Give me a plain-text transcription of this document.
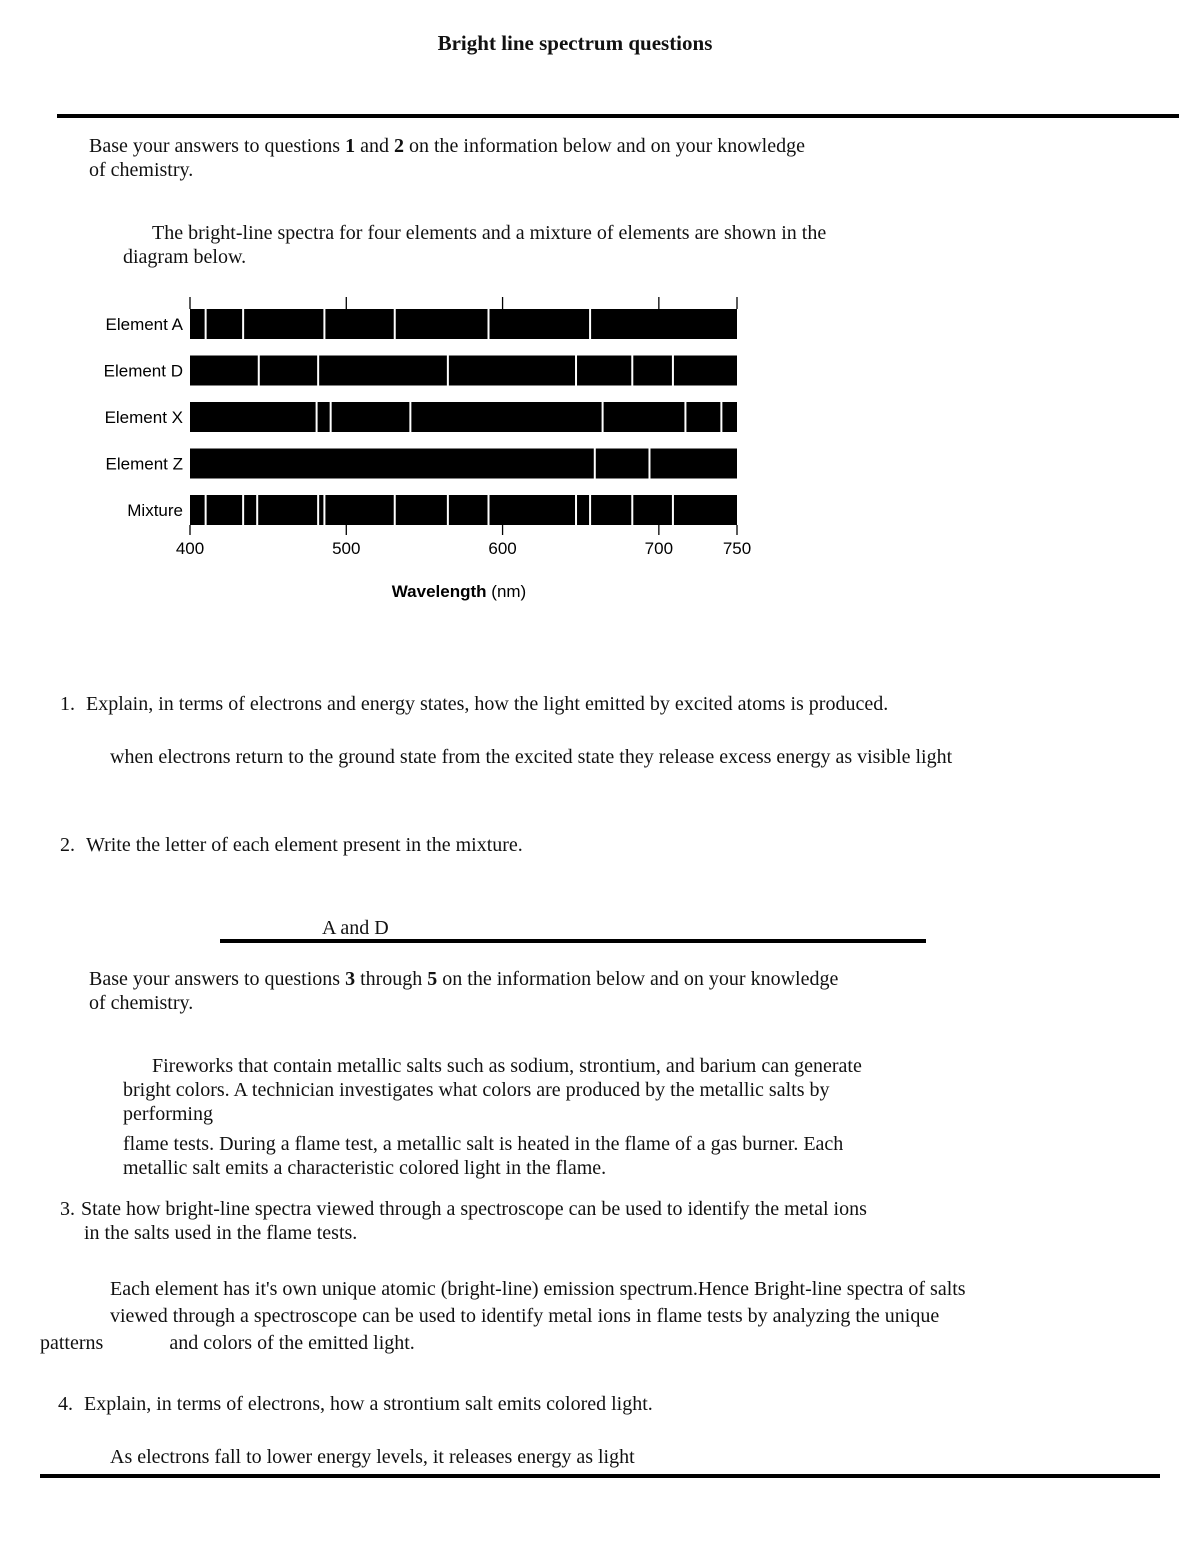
Bright line spectrum questions
Base your answers to questions 1 and 2 on the information below and on your knowledge
of chemistry.
The bright-line spectra for four elements and a mixture of elements are shown in the
diagram below.
Element A
Element D
Element X
Element Z
Mixture
400	500	600	700	750
Wavelength (nm)
1. Explain, in terms of electrons and energy states, how the light emitted by excited atoms is produced.
when electrons return to the ground state from the excited state they release excess energy as visible light
2. Write the letter of each element present in the mixture.
A and D
Base your answers to questions 3 through 5 on the information below and on your knowledge
of chemistry.
Fireworks that contain metallic salts such as sodium, strontium, and barium can generate
bright colors. A technician investigates what colors are produced by the metallic salts by
performing
flame tests. During a flame test, a metallic salt is heated in the flame of a gas burner. Each
metallic salt emits a characteristic colored light in the flame.
3. State how bright-line spectra viewed through a spectroscope can be used to identify the metal ions
in the salts used in the flame tests.
Each element has it's own unique atomic (bright-line) emission spectrum.Hence Bright-line spectra of salts
viewed through a spectroscope can be used to identify metal ions in flame tests by analyzing the unique
patterns	and colors of the emitted light.
4. Explain, in terms of electrons, how a strontium salt emits colored light.
As electrons fall to lower energy levels, it releases energy as light
